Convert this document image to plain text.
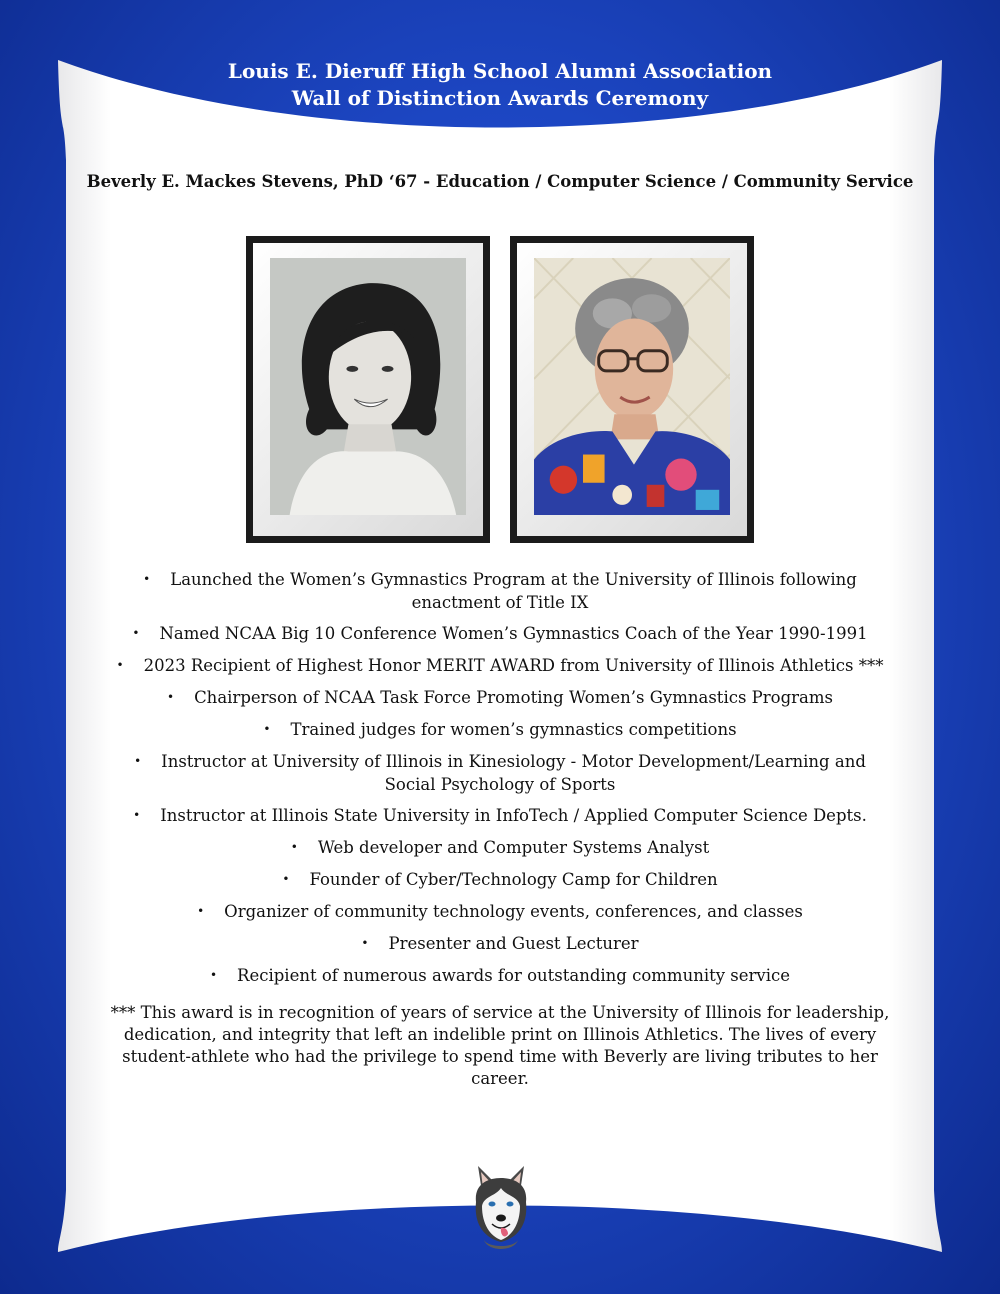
Louis E. Dieruff High School Alumni Association
Wall of Distinction Awards Ceremony
Beverly E. Mackes Stevens, PhD ‘67 - Education / Computer Science / Community Service
• Launched the Women’s Gymnastics Program at the University of Illinois following
enactment of Title IX
• Named NCAA Big 10 Conference Women’s Gymnastics Coach of the Year 1990-1991
• 2023 Recipient of Highest Honor MERIT AWARD from University of Illinois Athletics ***
• Chairperson of NCAA Task Force Promoting Women’s Gymnastics Programs
• Trained judges for women’s gymnastics competitions
• Instructor at University of Illinois in Kinesiology - Motor Development/Learning and
Social Psychology of Sports
• Instructor at Illinois State University in InfoTech / Applied Computer Science Depts.
• Web developer and Computer Systems Analyst
• Founder of Cyber/Technology Camp for Children
• Organizer of community technology events, conferences, and classes
• Presenter and Guest Lecturer
• Recipient of numerous awards for outstanding community service
*** This award is in recognition of years of service at the University of Illinois for leadership,
dedication, and integrity that left an indelible print on Illinois Athletics. The lives of every
student-athlete who had the privilege to spend time with Beverly are living tributes to her
career.
